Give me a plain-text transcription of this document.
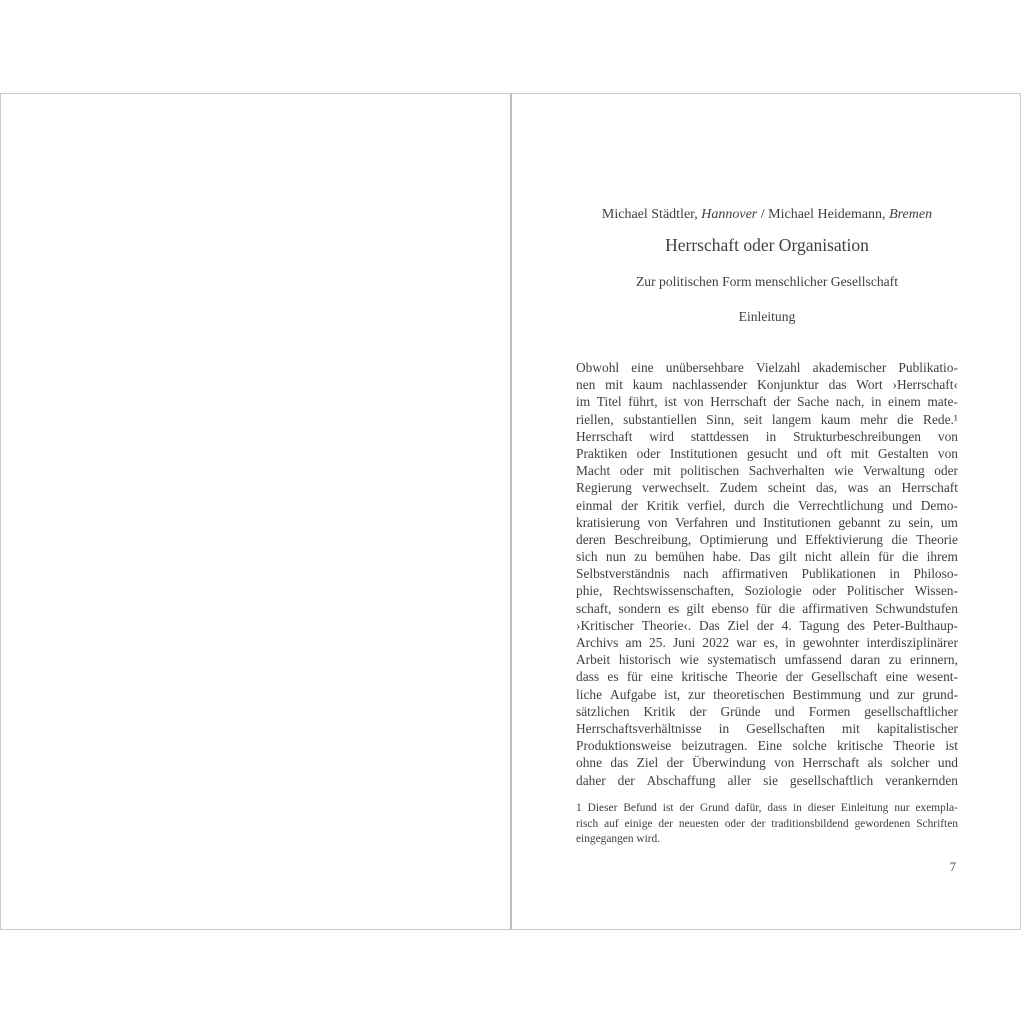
Michael Städtler, Hannover / Michael Heidemann, Bremen
Herrschaft oder Organisation
Zur politischen Form menschlicher Gesellschaft
Einleitung
Obwohl eine unübersehbare Vielzahl akademischer Publikatio-
nen mit kaum nachlassender Konjunktur das Wort ›Herrschaft‹
im Titel führt, ist von Herrschaft der Sache nach, in einem mate-
riellen, substantiellen Sinn, seit langem kaum mehr die Rede.¹
Herrschaft wird stattdessen in Strukturbeschreibungen von
Praktiken oder Institutionen gesucht und oft mit Gestalten von
Macht oder mit politischen Sachverhalten wie Verwaltung oder
Regierung verwechselt. Zudem scheint das, was an Herrschaft
einmal der Kritik verfiel, durch die Verrechtlichung und Demo-
kratisierung von Verfahren und Institutionen gebannt zu sein, um
deren Beschreibung, Optimierung und Effektivierung die Theorie
sich nun zu bemühen habe. Das gilt nicht allein für die ihrem
Selbstverständnis nach affirmativen Publikationen in Philoso-
phie, Rechtswissenschaften, Soziologie oder Politischer Wissen-
schaft, sondern es gilt ebenso für die affirmativen Schwundstufen
›Kritischer Theorie‹. Das Ziel der 4. Tagung des Peter-Bulthaup-
Archivs am 25. Juni 2022 war es, in gewohnter interdisziplinärer
Arbeit historisch wie systematisch umfassend daran zu erinnern,
dass es für eine kritische Theorie der Gesellschaft eine wesent-
liche Aufgabe ist, zur theoretischen Bestimmung und zur grund-
sätzlichen Kritik der Gründe und Formen gesellschaftlicher
Herrschaftsverhältnisse in Gesellschaften mit kapitalistischer
Produktionsweise beizutragen. Eine solche kritische Theorie ist
ohne das Ziel der Überwindung von Herrschaft als solcher und
daher der Abschaffung aller sie gesellschaftlich verankernden
1 Dieser Befund ist der Grund dafür, dass in dieser Einleitung nur exempla-
risch auf einige der neuesten oder der traditionsbildend gewordenen Schriften
eingegangen wird.
7
